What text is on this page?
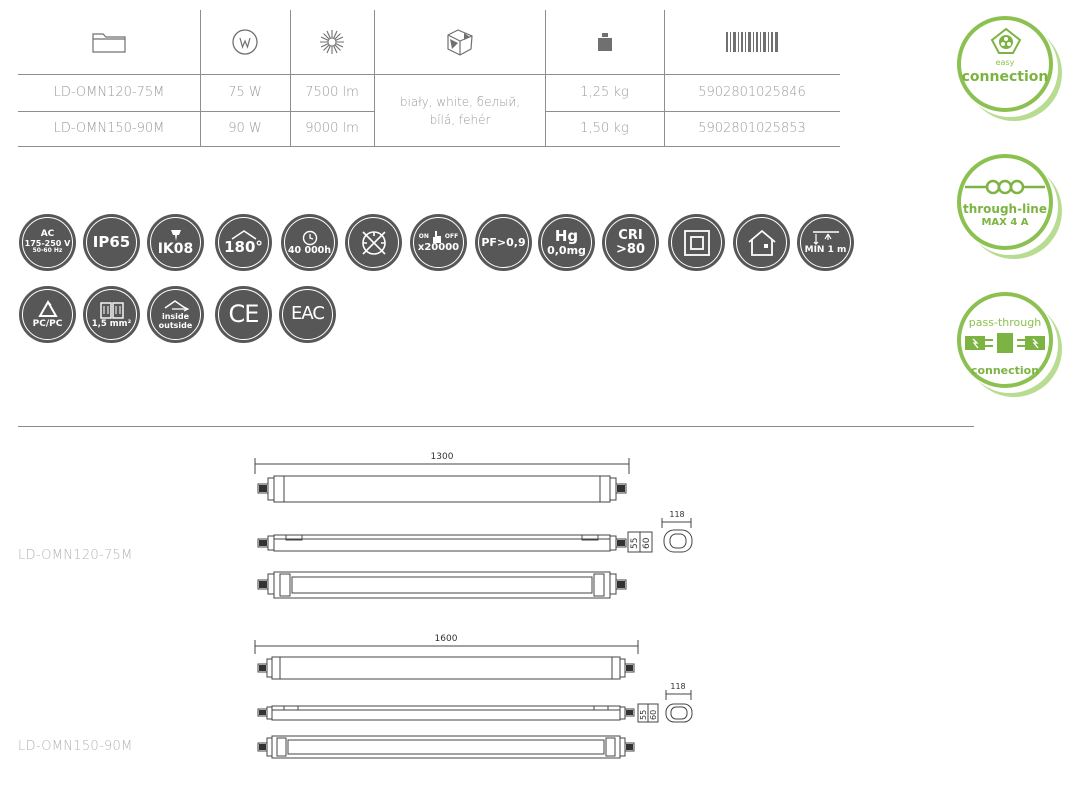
LD-OMN120-75M	75 W	7500 lm	1,25 kg	5902801025846
LD-OMN150-90M	90 W	9000 lm	1,50 kg	5902801025853
biały, white, белый, bílá, fehér
AC
175-250 V
50-60 Hz
IP65 IK08 180°	40 000h
ON	OFF
x20000 PF>0,9 Hg
0,0mg
CRI
>80	MIN 1 m
PC/PC	1,5 mm²
inside
outside CE EAC
easy
connection
through-line
MAX 4 A
pass-through
connection
LD-OMN120-75M
LD-OMN150-90M
1300
118
55 60
1600
118
55 60
